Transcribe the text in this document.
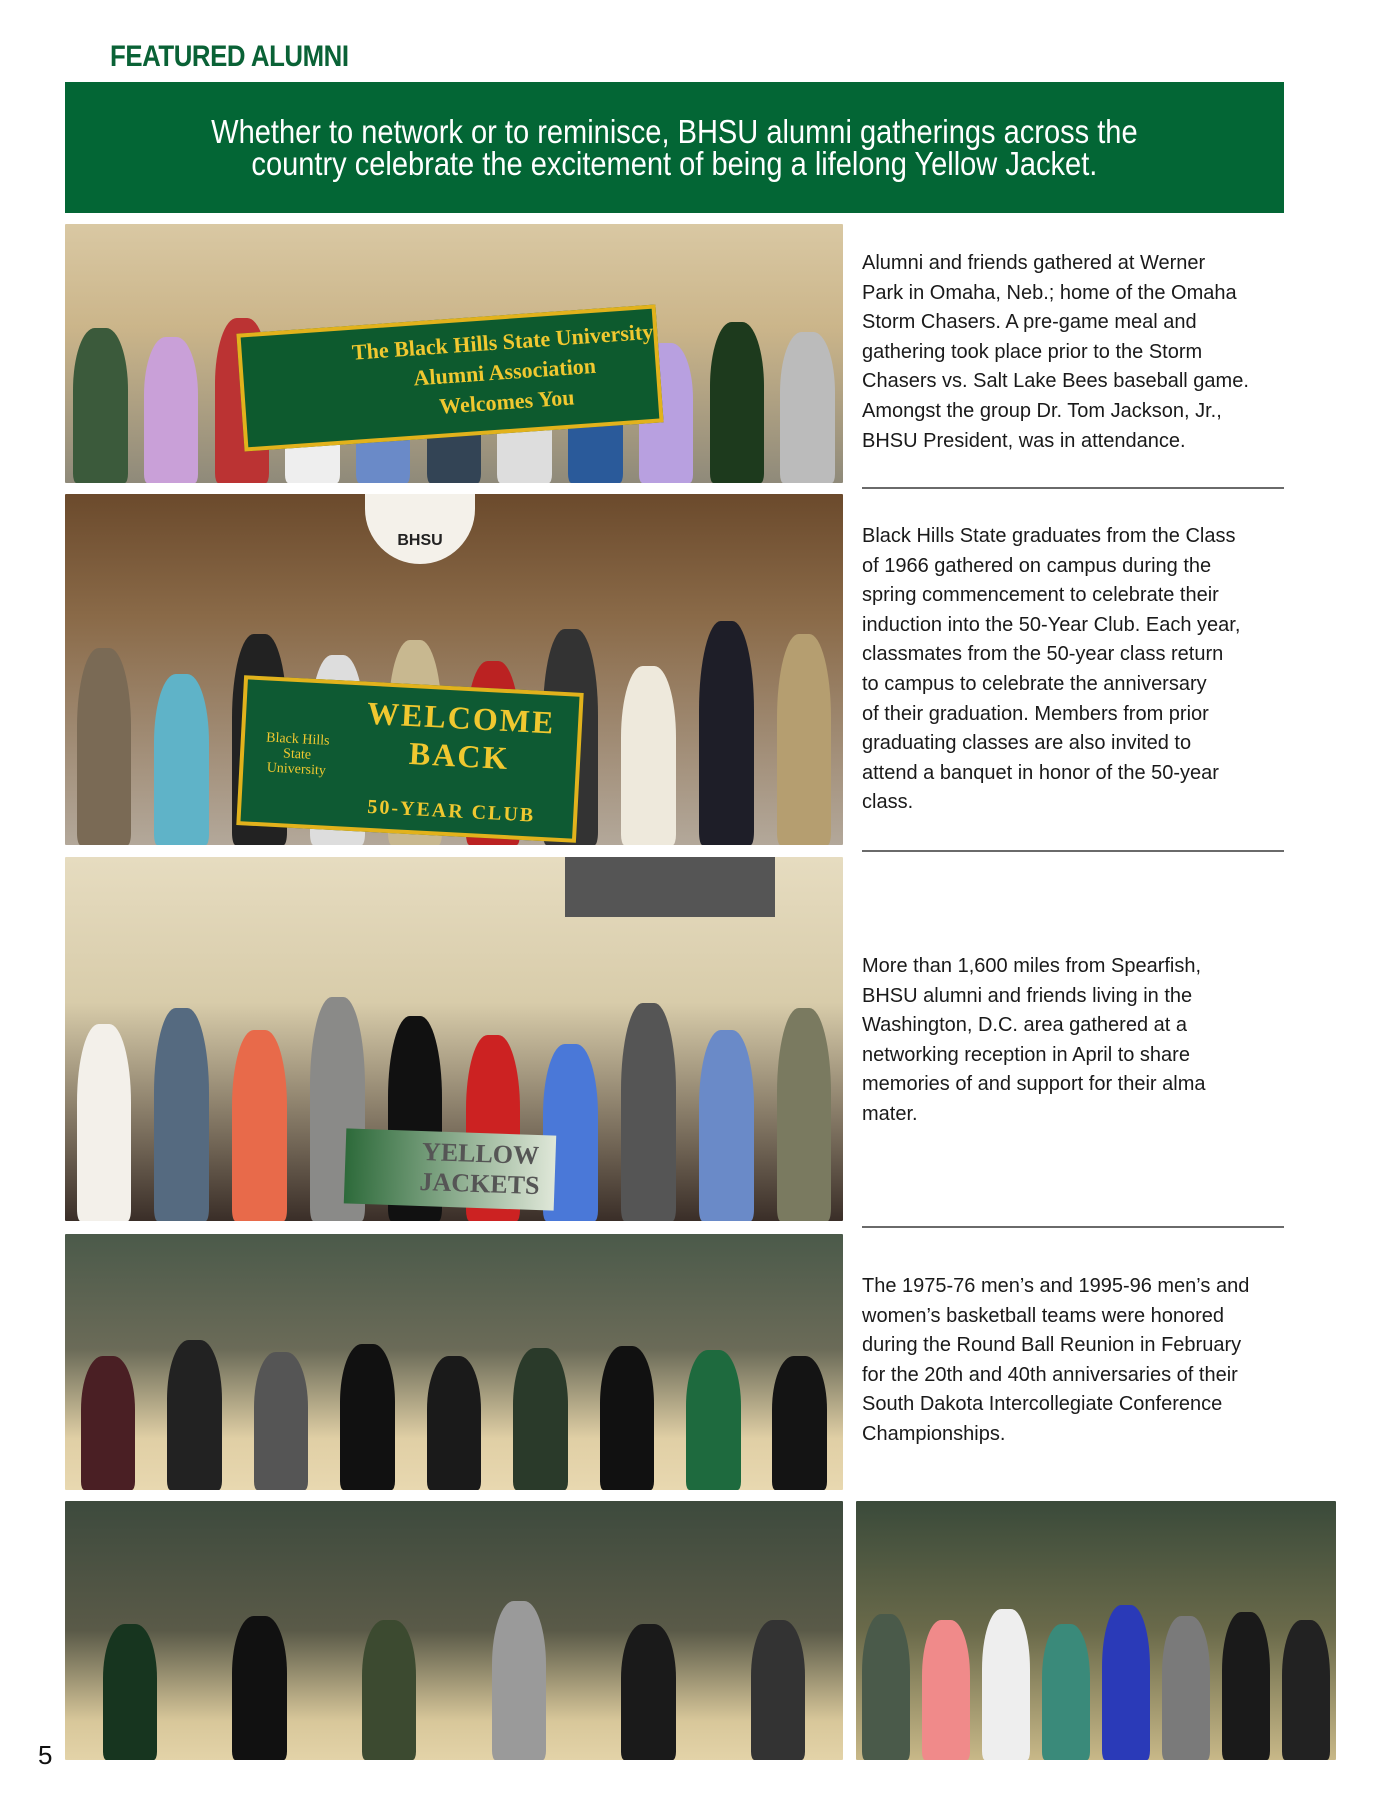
FEATURED ALUMNI
Whether to network or to reminisce, BHSU alumni gatherings across the
country celebrate the excitement of being a lifelong Yellow Jacket.
The Black Hills State University
Alumni Association
Welcomes You
Alumni and friends gathered at Werner
Park in Omaha, Neb.; home of the Omaha
Storm Chasers. A pre-game meal and
gathering took place prior to the Storm
Chasers vs. Salt Lake Bees baseball game.
Amongst the group Dr. Tom Jackson, Jr.,
BHSU President, was in attendance.
BHSU
WELCOME
BACK
Black Hills
State University
50-YEAR CLUB
Black Hills State graduates from the Class
of 1966 gathered on campus during the
spring commencement to celebrate their
induction into the 50-Year Club. Each year,
classmates from the 50-year class return
to campus to celebrate the anniversary
of their graduation. Members from prior
graduating classes are also invited to
attend a banquet in honor of the 50-year
class.
YELLOW
JACKETS
More than 1,600 miles from Spearfish,
BHSU alumni and friends living in the
Washington, D.C. area gathered at a
networking reception in April to share
memories of and support for their alma
mater.
The 1975-76 men’s and 1995-96 men’s and
women’s basketball teams were honored
during the Round Ball Reunion in February
for the 20th and 40th anniversaries of their
South Dakota Intercollegiate Conference
Championships.
5
